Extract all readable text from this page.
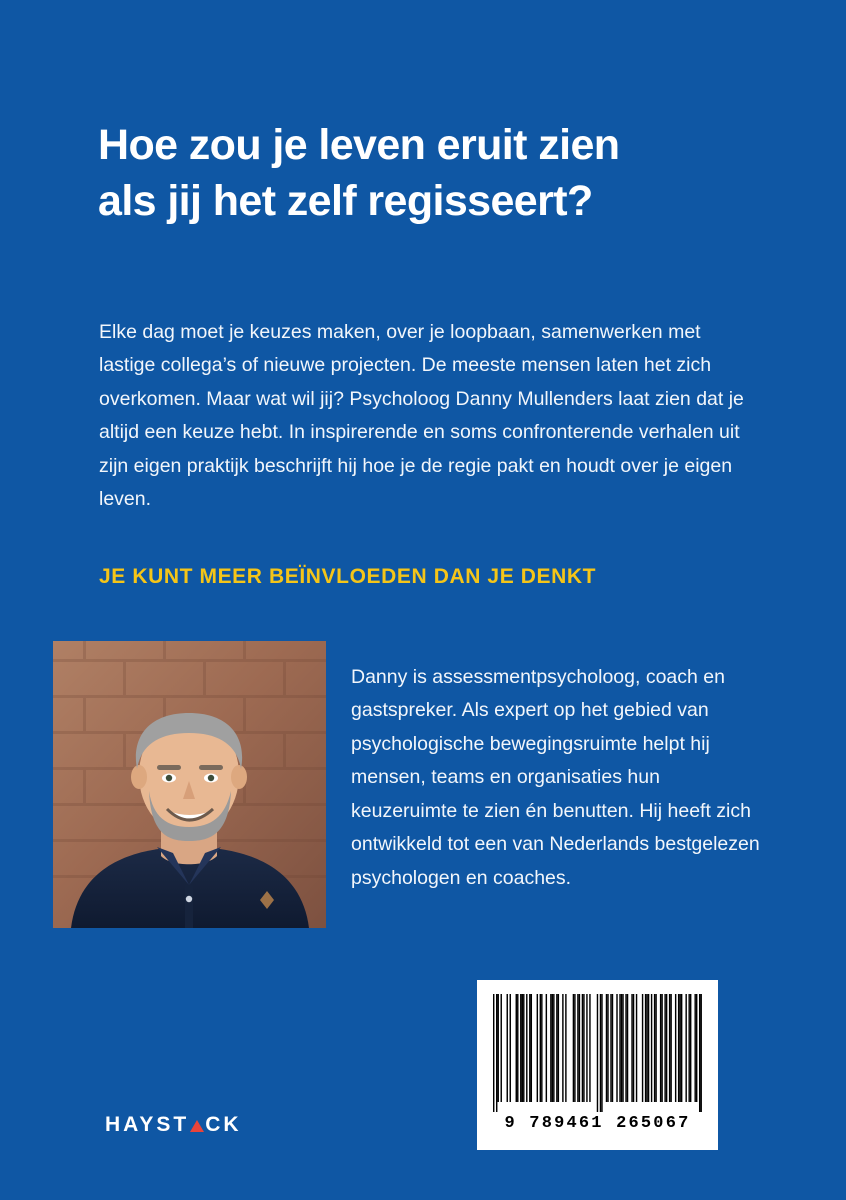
Hoe zou je leven eruit zien
als jij het zelf regisseert?

Elke dag moet je keuzes maken, over je loopbaan, samenwerken met lastige collega’s of nieuwe projecten. De meeste mensen laten het zich overkomen. Maar wat wil jij? Psycholoog Danny Mullenders laat zien dat je altijd een keuze hebt. In inspirerende en soms confronterende verhalen uit zijn eigen praktijk beschrijft hij hoe je de regie pakt en houdt over je eigen leven.

JE KUNT MEER BEÏNVLOEDEN DAN JE DENKT

Danny is assessmentpsycholoog, coach en gastspreker. Als expert op het gebied van psychologische bewegingsruimte helpt hij mensen, teams en organisaties hun keuzeruimte te zien én benutten. Hij heeft zich ontwikkeld tot een van Nederlands bestgelezen psychologen en coaches.

9 789461 265067
HAYST CK
